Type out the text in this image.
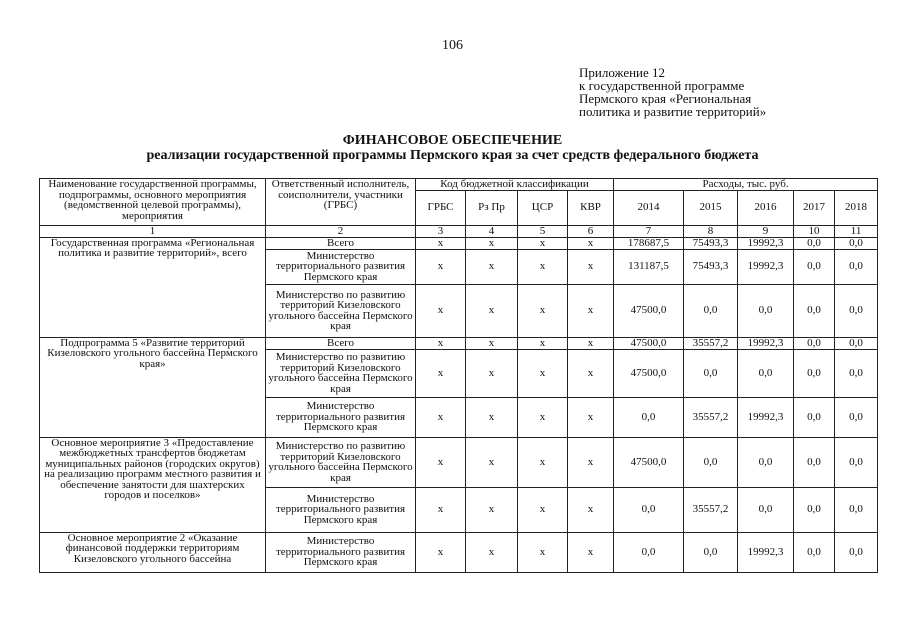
106
Приложение 12
к государственной программе
Пермского края «Региональная
политика и развитие территорий»
ФИНАНСОВОЕ ОБЕСПЕЧЕНИЕ
реализации государственной программы Пермского края за счет средств федерального бюджета
Наименование государственной программы, подпрограммы, основного мероприятия (ведомственной целевой программы), мероприятия	Ответственный исполнитель, соисполнители, участники (ГРБС)	Код бюджетной классификации				Расходы, тыс. руб.				
		ГРБС	Рз Пр	ЦСР	КВР	2014	2015	2016	2017	2018
1	2	3	4	5	6	7	8	9	10	11
Государственная программа «Региональная политика и развитие территорий», всего	Всего	х	х	х	х	178687,5	75493,3	19992,3	0,0	0,0
	Министерство территориального развития Пермского края	х	х	х	х	131187,5	75493,3	19992,3	0,0	0,0
	Министерство по развитию территорий Кизеловского угольного бассейна Пермского края	х	х	х	х	47500,0	0,0	0,0	0,0	0,0
Подпрограмма 5 «Развитие территорий Кизеловского угольного бассейна Пермского края»	Всего	х	х	х	х	47500,0	35557,2	19992,3	0,0	0,0
	Министерство по развитию территорий Кизеловского угольного бассейна Пермского края	х	х	х	х	47500,0	0,0	0,0	0,0	0,0
	Министерство территориального развития Пермского края	х	х	х	х	0,0	35557,2	19992,3	0,0	0,0
Основное мероприятие 3 «Предоставление межбюджетных трансфертов бюджетам муниципальных районов (городских округов) на реализацию программ местного развития и обеспечение занятости для шахтерских городов и поселков»	Министерство по развитию территорий Кизеловского угольного бассейна Пермского края	х	х	х	х	47500,0	0,0	0,0	0,0	0,0
	Министерство территориального развития Пермского края	х	х	х	х	0,0	35557,2	0,0	0,0	0,0
Основное мероприятие 2 «Оказание финансовой поддержки территориям Кизеловского угольного бассейна	Министерство территориального развития Пермского края	х	х	х	х	0,0	0,0	19992,3	0,0	0,0
